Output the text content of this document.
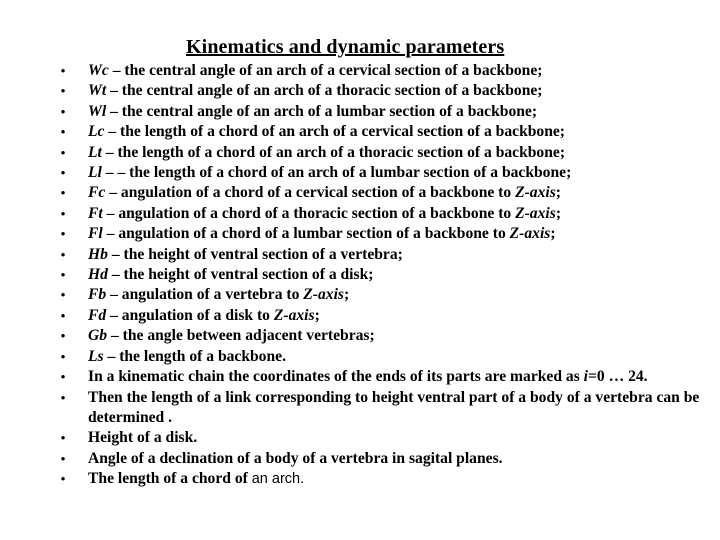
Kinematics and dynamic parameters
•	Wc – the central angle of an arch of a cervical section of a backbone;
•	Wt – the central angle of an arch of a thoracic section of a backbone;
•	Wl – the central angle of an arch of a lumbar section of a backbone;
•	Lc – the length of a chord of an arch of a cervical section of a backbone;
•	Lt – the length of a chord of an arch of a thoracic section of a backbone;
•	Ll – – the length of a chord of an arch of a lumbar section of a backbone;
•	Fc – angulation of a chord of a cervical section of a backbone to Z-axis;
•	Ft – angulation of a chord of a thoracic section of a backbone to Z-axis;
•	Fl – angulation of a chord of a lumbar section of a backbone to Z-axis;
•	Hb – the height of ventral section of a vertebra;
•	Hd – the height of ventral section of a disk;
•	Fb – angulation of a vertebra to Z-axis;
•	Fd – angulation of a disk to Z-axis;
•	Gb – the angle between adjacent vertebras;
•	Ls – the length of a backbone.
•	In a kinematic chain the coordinates of the ends of its parts are marked as i=0 … 24.
•	Then the length of a link corresponding to height ventral part of a body of a vertebra can be determined .
•	Height of a disk.
•	Angle of a declination of a body of a vertebra in sagital planes.
•	The length of a chord of an arch.
